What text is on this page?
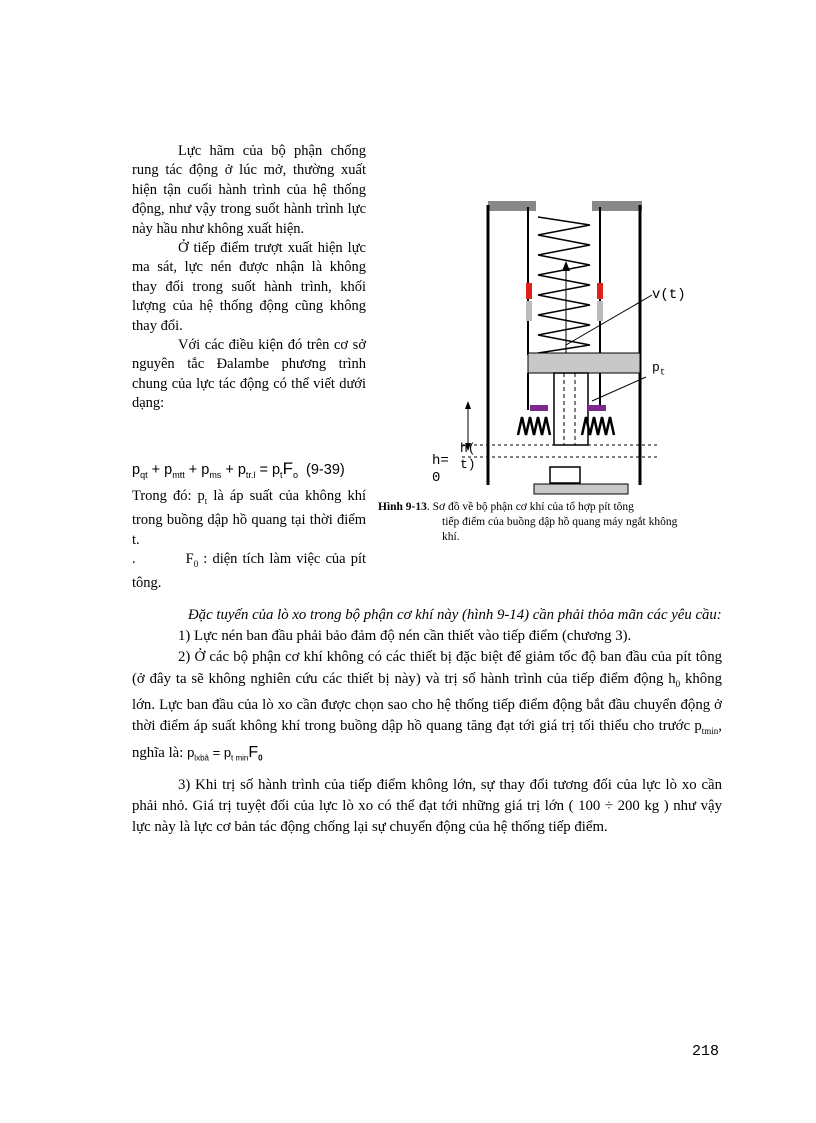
Lực hãm của bộ phận chống rung tác động ở lúc mở, thường xuất hiện tận cuối hành trình của hệ thống động, như vậy trong suốt hành trình lực này hầu như không xuất hiện.

Ở tiếp điểm trượt xuất hiện lực ma sát, lực nén được nhận là không thay đổi trong suốt hành trình, khối lượng của hệ thống động cũng không thay đổi.

Với các điều kiện đó trên cơ sở nguyên tắc Đalambe phương trình chung của lực tác động có thể viết dưới dạng:

$p_{qt} + p_{mtt} + p_{ms} + p_{tr.l} = p_tF_o$ (9-39)

Trong đó: $p_t$ là áp suất của không khí trong buồng dập hồ quang tại thời điểm t.

.	$F_0$ : diện tích làm việc của pít tông.

v(t)
$p_t$
h=
0
h(
t)
Hình 9-13. Sơ đồ về bộ phận cơ khí của tổ hợp pít tông
tiếp điểm của buồng dập hồ quang máy ngắt không khí.

Đặc tuyến của lò xo trong bộ phận cơ khí này (hình 9-14) cần phải thỏa mãn các yêu cầu:

1) Lực nén ban đầu phải bảo đảm độ nén cần thiết vào tiếp điểm (chương 3).

2) Ở các bộ phận cơ khí không có các thiết bị đặc biệt để giảm tốc độ ban đầu của pít tông (ở đây ta sẽ không nghiên cứu các thiết bị này) và trị số hành trình của tiếp điểm động $h_0$ không lớn. Lực ban đầu của lò xo cần được chọn sao cho hệ thống tiếp điểm động bắt đầu chuyển động ở thời điểm áp suất không khí trong buồng dập hồ quang tăng đạt tới giá trị tối thiểu cho trước $p_{tmin}$, nghĩa là: $p_{lxbâ} = p_{t min}F_0$

3) Khi trị số hành trình của tiếp điểm không lớn, sự thay đổi tương đối của lực lò xo cần phải nhỏ. Giá trị tuyệt đối của lực lò xo có thể đạt tới những giá trị lớn ( 100 ÷ 200 kg ) như vậy lực này là lực cơ bản tác động chống lại sự chuyển động của hệ thống tiếp điểm.

218
